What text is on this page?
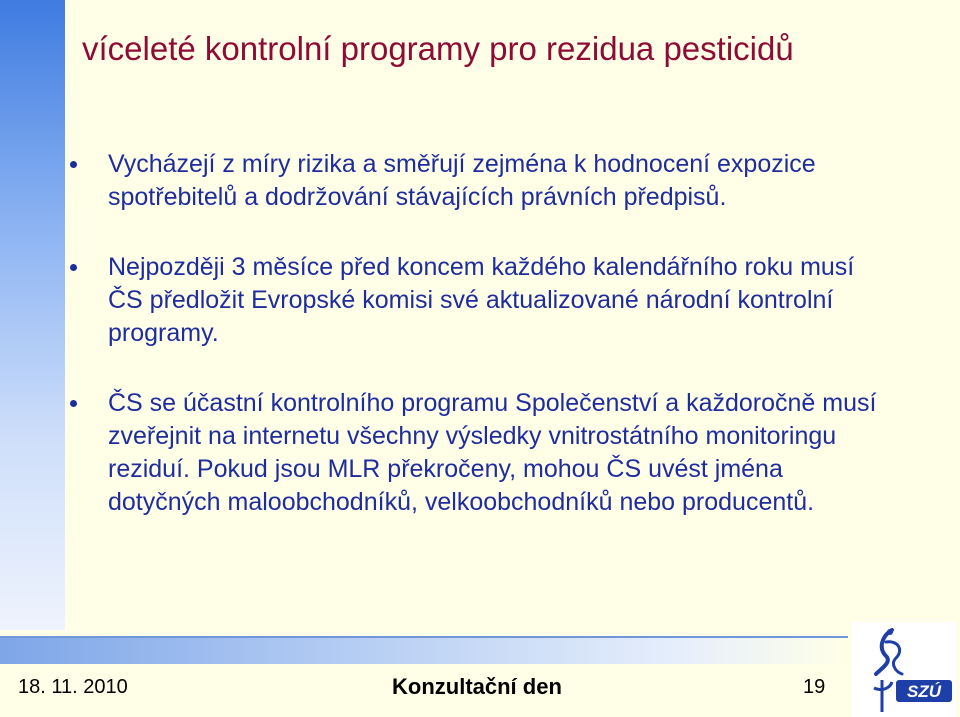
víceleté kontrolní programy pro rezidua pesticidů
Vycházejí z míry rizika a směřují zejména k hodnocení expozice spotřebitelů a dodržování stávajících právních předpisů.
Nejpozději 3 měsíce před koncem každého kalendářního roku musí ČS předložit Evropské komisi své aktualizované národní kontrolní programy.
ČS se účastní kontrolního programu Společenství a každoročně musí zveřejnit na internetu všechny výsledky vnitrostátního monitoringu reziduí. Pokud jsou MLR překročeny, mohou ČS uvést jména dotyčných maloobchodníků, velkoobchodníků nebo producentů.
18. 11. 2010	Konzultační den	19	SZÚ
